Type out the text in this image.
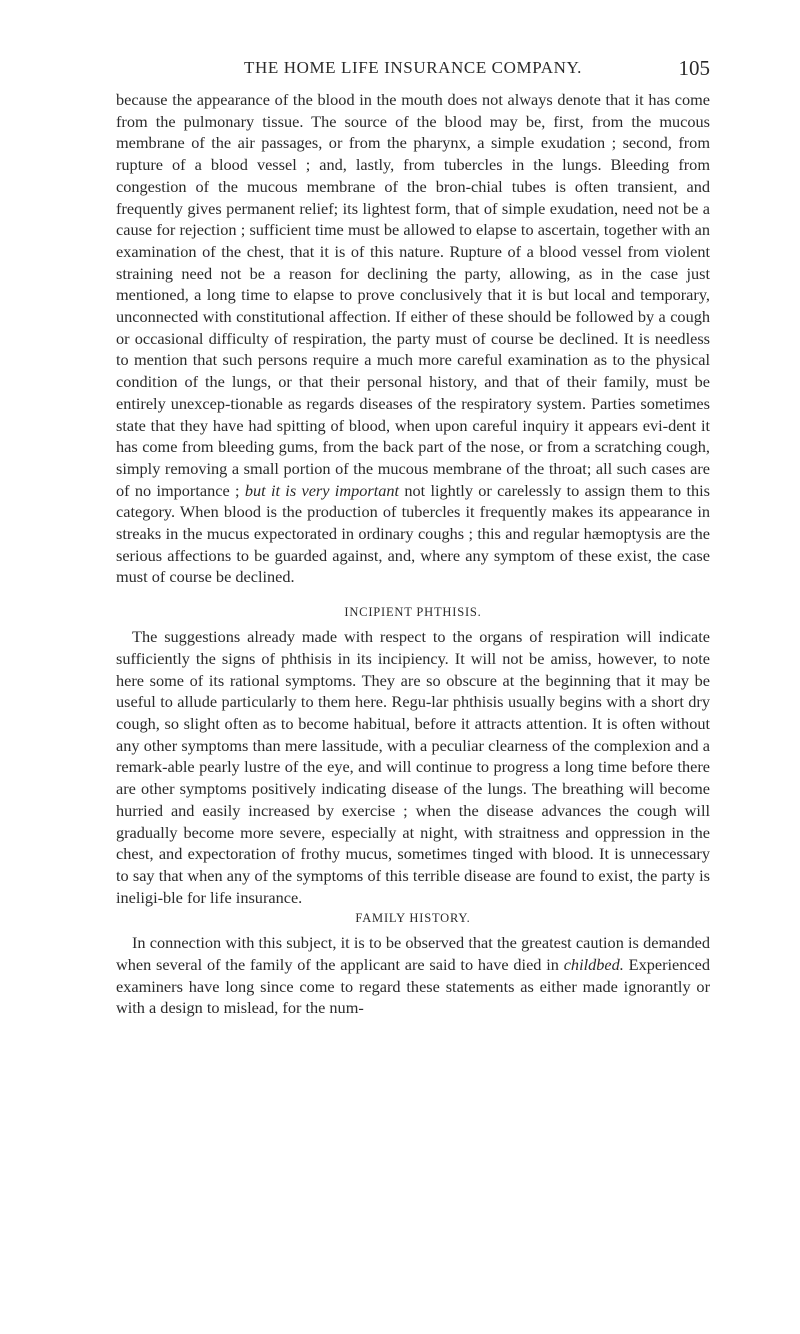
THE HOME LIFE INSURANCE COMPANY.	105

because the appearance of the blood in the mouth does not always denote that it has come from the pulmonary tissue. The source of the blood may be, first, from the mucous membrane of the air passages, or from the pharynx, a simple exudation ; second, from rupture of a blood vessel ; and, lastly, from tubercles in the lungs. Bleeding from congestion of the mucous membrane of the bron-chial tubes is often transient, and frequently gives permanent relief; its lightest form, that of simple exudation, need not be a cause for rejection ; sufficient time must be allowed to elapse to ascertain, together with an examination of the chest, that it is of this nature. Rupture of a blood vessel from violent straining need not be a reason for declining the party, allowing, as in the case just mentioned, a long time to elapse to prove conclusively that it is but local and temporary, unconnected with constitutional affection. If either of these should be followed by a cough or occasional difficulty of respiration, the party must of course be declined. It is needless to mention that such persons require a much more careful examination as to the physical condition of the lungs, or that their personal history, and that of their family, must be entirely unexcep-tionable as regards diseases of the respiratory system. Parties sometimes state that they have had spitting of blood, when upon careful inquiry it appears evi-dent it has come from bleeding gums, from the back part of the nose, or from a scratching cough, simply removing a small portion of the mucous membrane of the throat; all such cases are of no importance ; but it is very important not lightly or carelessly to assign them to this category. When blood is the production of tubercles it frequently makes its appearance in streaks in the mucus expectorated in ordinary coughs ; this and regular hæmoptysis are the serious affections to be guarded against, and, where any symptom of these exist, the case must of course be declined.

INCIPIENT PHTHISIS.

The suggestions already made with respect to the organs of respiration will indicate sufficiently the signs of phthisis in its incipiency. It will not be amiss, however, to note here some of its rational symptoms. They are so obscure at the beginning that it may be useful to allude particularly to them here. Regu-lar phthisis usually begins with a short dry cough, so slight often as to become habitual, before it attracts attention. It is often without any other symptoms than mere lassitude, with a peculiar clearness of the complexion and a remark-able pearly lustre of the eye, and will continue to progress a long time before there are other symptoms positively indicating disease of the lungs. The breathing will become hurried and easily increased by exercise ; when the disease advances the cough will gradually become more severe, especially at night, with straitness and oppression in the chest, and expectoration of frothy mucus, sometimes tinged with blood. It is unnecessary to say that when any of the symptoms of this terrible disease are found to exist, the party is ineligi-ble for life insurance.

FAMILY HISTORY.

In connection with this subject, it is to be observed that the greatest caution is demanded when several of the family of the applicant are said to have died in childbed. Experienced examiners have long since come to regard these statements as either made ignorantly or with a design to mislead, for the num-
